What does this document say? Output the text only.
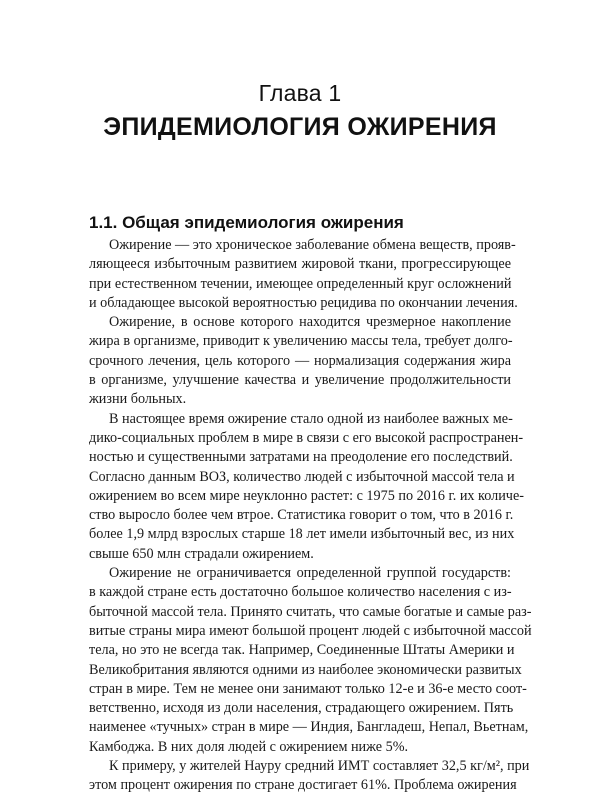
Глава 1
ЭПИДЕМИОЛОГИЯ ОЖИРЕНИЯ
1.1. Общая эпидемиология ожирения
Ожирение — это хроническое заболевание обмена веществ, прояв-
ляющееся избыточным развитием жировой ткани, прогрессирующее
при естественном течении, имеющее определенный круг осложнений
и обладающее высокой вероятностью рецидива по окончании лечения.
Ожирение, в основе которого находится чрезмерное накопление
жира в организме, приводит к увеличению массы тела, требует долго-
срочного лечения, цель которого — нормализация содержания жира
в организме, улучшение качества и увеличение продолжительности
жизни больных.
В настоящее время ожирение стало одной из наиболее важных ме-
дико-социальных проблем в мире в связи с его высокой распространен-
ностью и существенными затратами на преодоление его последствий.
Согласно данным ВОЗ, количество людей с избыточной массой тела и
ожирением во всем мире неуклонно растет: с 1975 по 2016 г. их количе-
ство выросло более чем втрое. Статистика говорит о том, что в 2016 г.
более 1,9 млрд взрослых старше 18 лет имели избыточный вес, из них
свыше 650 млн страдали ожирением.
Ожирение не ограничивается определенной группой государств:
в каждой стране есть достаточно большое количество населения с из-
быточной массой тела. Принято считать, что самые богатые и самые раз-
витые страны мира имеют большой процент людей с избыточной массой
тела, но это не всегда так. Например, Соединенные Штаты Америки и
Великобритания являются одними из наиболее экономически развитых
стран в мире. Тем не менее они занимают только 12-е и 36-е место соот-
ветственно, исходя из доли населения, страдающего ожирением. Пять
наименее «тучных» стран в мире — Индия, Бангладеш, Непал, Вьетнам,
Камбоджа. В них доля людей с ожирением ниже 5%.
К примеру, у жителей Науру средний ИМТ составляет 32,5 кг/м², при
этом процент ожирения по стране достигает 61%. Проблема ожирения
